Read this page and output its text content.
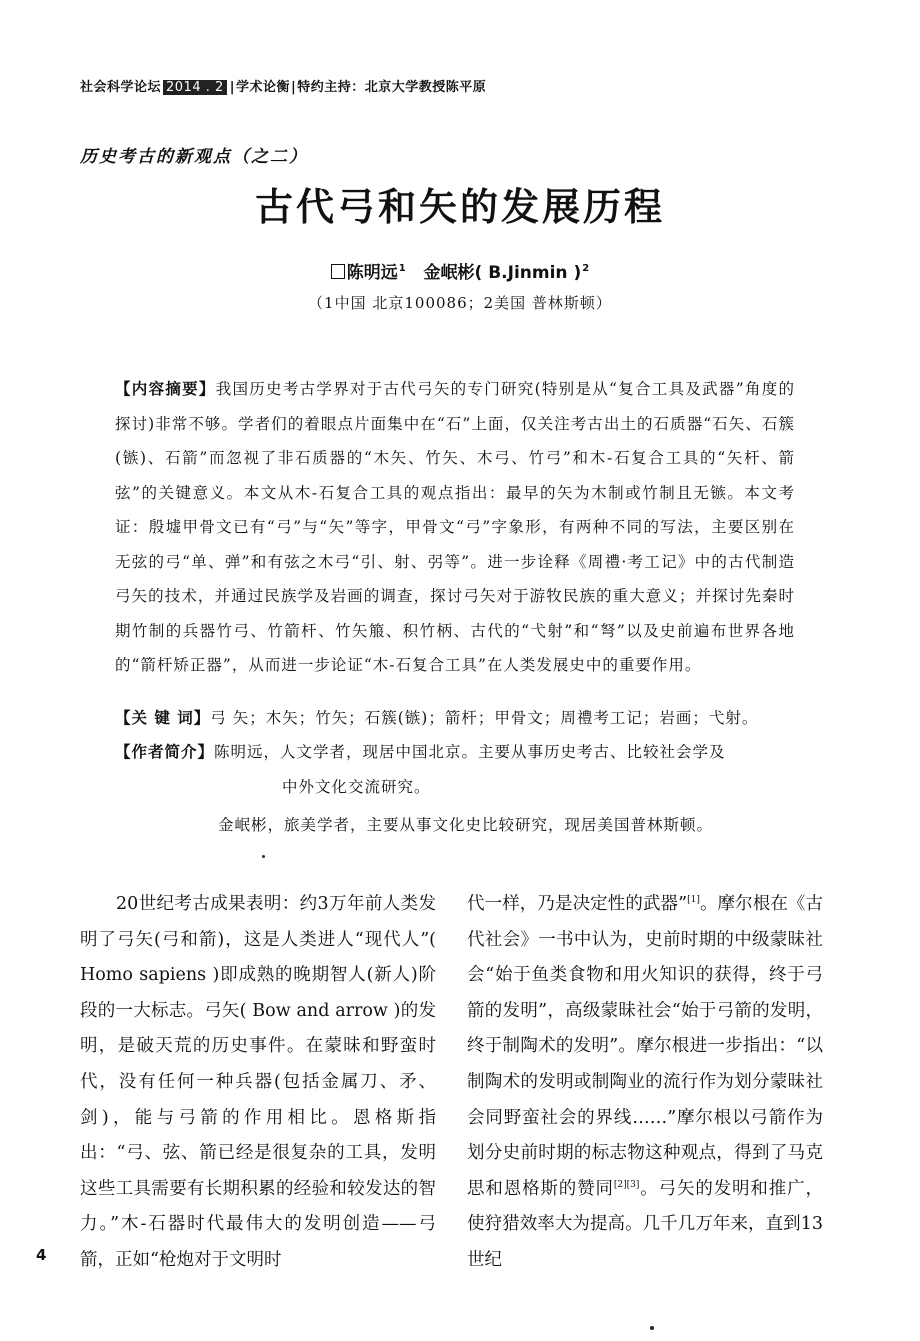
社会科学论坛 2014 . 2 |学术论衡|特约主持：北京大学教授陈平原
历史考古的新观点（之二）
古代弓和矢的发展历程
陈明远$^1$ 金岷彬( B.Jinmin )$^2$
（1中国 北京100086；2美国 普林斯顿）
【内容摘要】我国历史考古学界对于古代弓矢的专门研究(特别是从“复合工具及武器”角度的探讨)非常不够。学者们的着眼点片面集中在“石”上面，仅关注考古出土的石质器“石矢、石簇(镞)、石箭”而忽视了非石质器的“木矢、竹矢、木弓、竹弓”和木-石复合工具的“矢杆、箭弦”的关键意义。本文从木-石复合工具的观点指出：最早的矢为木制或竹制且无镞。本文考证：殷墟甲骨文已有“弓”与“矢”等字，甲骨文“弓”字象形，有两种不同的写法，主要区别在无弦的弓“单、弹”和有弦之木弓“引、射、弜等”。进一步诠释《周禮·考工记》中的古代制造弓矢的技术，并通过民族学及岩画的调查，探讨弓矢对于游牧民族的重大意义；并探讨先秦时期竹制的兵器竹弓、竹箭杆、竹矢箙、积竹柄、古代的“弋射”和“弩”以及史前遍布世界各地的“箭杆矫正器”，从而进一步论证“木-石复合工具”在人类发展史中的重要作用。
【关 键 词】弓 矢；木矢；竹矢；石簇(镞)；箭杆；甲骨文；周禮考工记；岩画；弋射。
【作者简介】陈明远，人文学者，现居中国北京。主要从事历史考古、比较社会学及
中外文化交流研究。
金岷彬，旅美学者，主要从事文化史比较研究，现居美国普林斯顿。
20世纪考古成果表明：约3万年前人类发明了弓矢(弓和箭)，这是人类进人“现代人”( Homo sapiens )即成熟的晚期智人(新人)阶段的一大标志。弓矢( Bow and arrow )的发明，是破天荒的历史事件。在蒙昧和野蛮时代，没有任何一种兵器(包括金属刀、矛、剑)，能与弓箭的作用相比。恩格斯指出：“弓、弦、箭已经是很复杂的工具，发明这些工具需要有长期积累的经验和较发达的智力。”木-石器时代最伟大的发明创造——弓箭，正如“枪炮对于文明时
代一样，乃是决定性的武器”[1]。摩尔根在《古代社会》一书中认为，史前时期的中级蒙昧社会“始于鱼类食物和用火知识的获得，终于弓箭的发明”，高级蒙昧社会“始于弓箭的发明，终于制陶术的发明”。摩尔根进一步指出：“以制陶术的发明或制陶业的流行作为划分蒙昧社会同野蛮社会的界线……”摩尔根以弓箭作为划分史前时期的标志物这种观点，得到了马克思和恩格斯的赞同[2][3]。弓矢的发明和推广，使狩猎效率大为提高。几千几万年来，直到13世纪
4
